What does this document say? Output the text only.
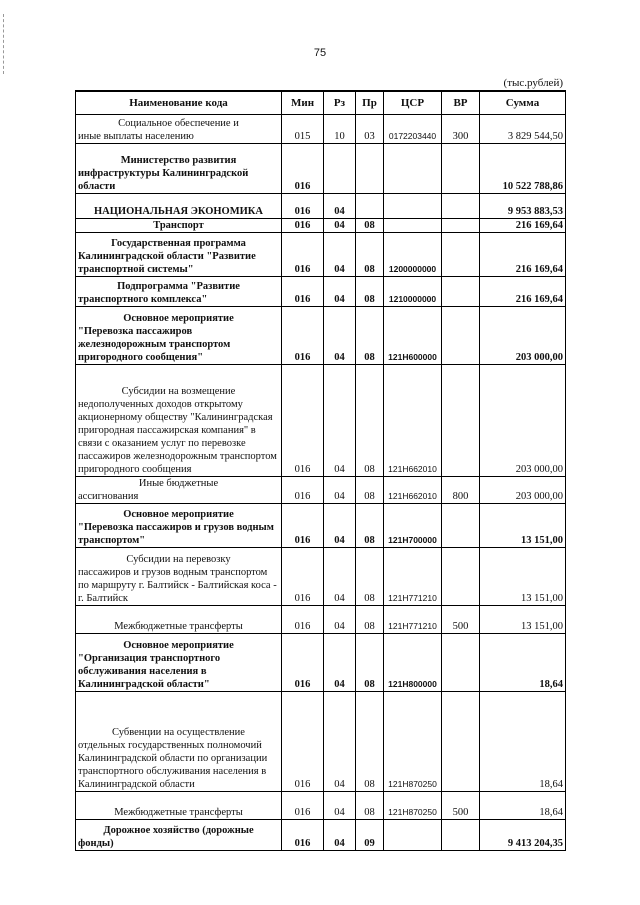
75
(тыс.рублей)
Наименование кода	Мин	Рз	Пр	ЦСР	ВР	Сумма

Социальное обеспечение и
иные выплаты населению	015	10	03	0172203440	300	3 829 544,50

Министерство развития
инфраструктуры Калининградской области	016					10 522 788,86

НАЦИОНАЛЬНАЯ ЭКОНОМИКА	016	04				9 953 883,53

Транспорт	016	04	08			216 169,64

Государственная программа
Калининградской области "Развитие транспортной системы"	016	04	08	1200000000		216 169,64

Подпрограмма "Развитие
транспортного комплекса"	016	04	08	1210000000		216 169,64

Основное мероприятие
"Перевозка пассажиров железнодорожным транспортом пригородного сообщения"	016	04	08	121Н600000		203 000,00

Субсидии на возмещение
недополученных доходов открытому акционерному обществу "Калининградская пригородная пассажирская компания" в связи с оказанием услуг по перевозке пассажиров железнодорожным транспортом пригородного сообщения	016	04	08	121Н662010		203 000,00

Иные бюджетные
ассигнования	016	04	08	121Н662010	800	203 000,00

Основное мероприятие
"Перевозка пассажиров и грузов водным транспортом"	016	04	08	121Н700000		13 151,00

Субсидии на перевозку
пассажиров и грузов водным транспортом по маршруту г. Балтийск - Балтийская коса - г. Балтийск	016	04	08	121Н771210		13 151,00

Межбюджетные трансферты	016	04	08	121Н771210	500	13 151,00

Основное мероприятие
"Организация транспортного обслуживания населения в Калининградской области"	016	04	08	121Н800000		18,64

Субвенции на осуществление
отдельных государственных полномочий Калининградской области по организации транспортного обслуживания населения в Калининградской области	016	04	08	121Н870250		18,64

Межбюджетные трансферты	016	04	08	121Н870250	500	18,64

Дорожное хозяйство (дорожные
фонды)	016	04	09			9 413 204,35
